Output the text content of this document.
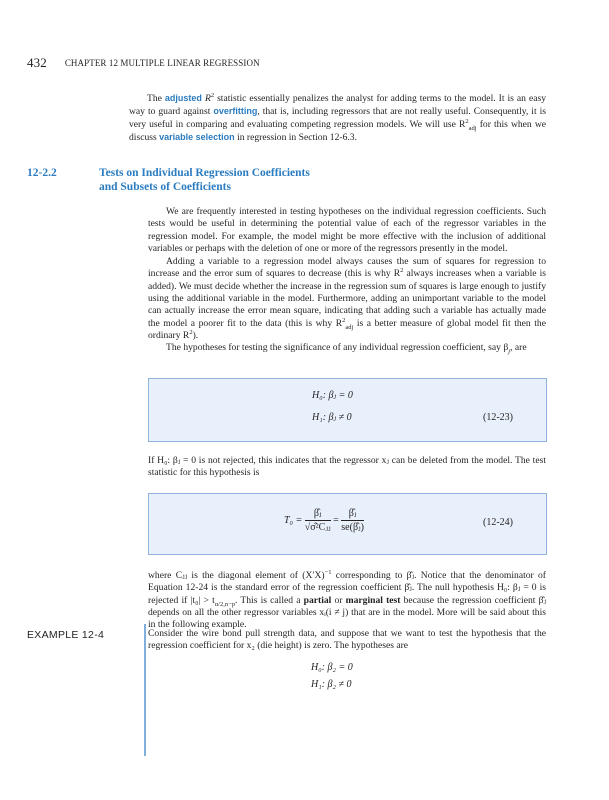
432 CHAPTER 12 MULTIPLE LINEAR REGRESSION

The adjusted $R^2$ statistic essentially penalizes the analyst for adding terms to the model. It is an easy way to guard against overfitting, that is, including regressors that are not really useful. Consequently, it is very useful in comparing and evaluating competing regression models. We will use $R^2_{adj}$ for this when we discuss variable selection in regression in Section 12-6.3.

12-2.2	Tests on Individual Regression Coefficients
and Subsets of Coefficients

We are frequently interested in testing hypotheses on the individual regression coefficients. Such tests would be useful in determining the potential value of each of the regressor variables in the regression model. For example, the model might be more effective with the inclusion of additional variables or perhaps with the deletion of one or more of the regressors presently in the model.

Adding a variable to a regression model always causes the sum of squares for regression to increase and the error sum of squares to decrease (this is why $R^2$ always increases when a variable is added). We must decide whether the increase in the regression sum of squares is large enough to justify using the additional variable in the model. Furthermore, adding an unimportant variable to the model can actually increase the error mean square, indicating that adding such a variable has actually made the model a poorer fit to the data (this is why $R^2_{adj}$ is a better measure of global model fit then the ordinary $R^2$).

The hypotheses for testing the significance of any individual regression coefficient, say $\beta_j$, are

H₀: βⱼ = 0
H₁: βⱼ ≠ 0	(12-23)

If H₀: βⱼ = 0 is not rejected, this indicates that the regressor xⱼ can be deleted from the model. The test statistic for this hypothesis is

$T_0 = \frac{\text{β̂ⱼ}}{\text{√σ̂²Cⱼⱼ}} = \frac{\text{β̂ⱼ}}{\text{se(β̂ⱼ)}}$	(12-24)

where Cⱼⱼ is the diagonal element of $(X'X)^{-1}$ corresponding to β̂ⱼ. Notice that the denominator of Equation 12-24 is the standard error of the regression coefficient β̂ⱼ. The null hypothesis H₀: βⱼ = 0 is rejected if $|t_0| > t_{\alpha/2,n-p}$. This is called a partial or marginal test because the regression coefficient β̂ⱼ depends on all the other regressor variables xᵢ(i ≠ j) that are in the model. More will be said about this in the following example.

EXAMPLE 12-4	Consider the wire bond pull strength data, and suppose that we want to test the hypothesis that the regression coefficient for x₂ (die height) is zero. The hypotheses are

H₀: β₂ = 0
H₁: β₂ ≠ 0
